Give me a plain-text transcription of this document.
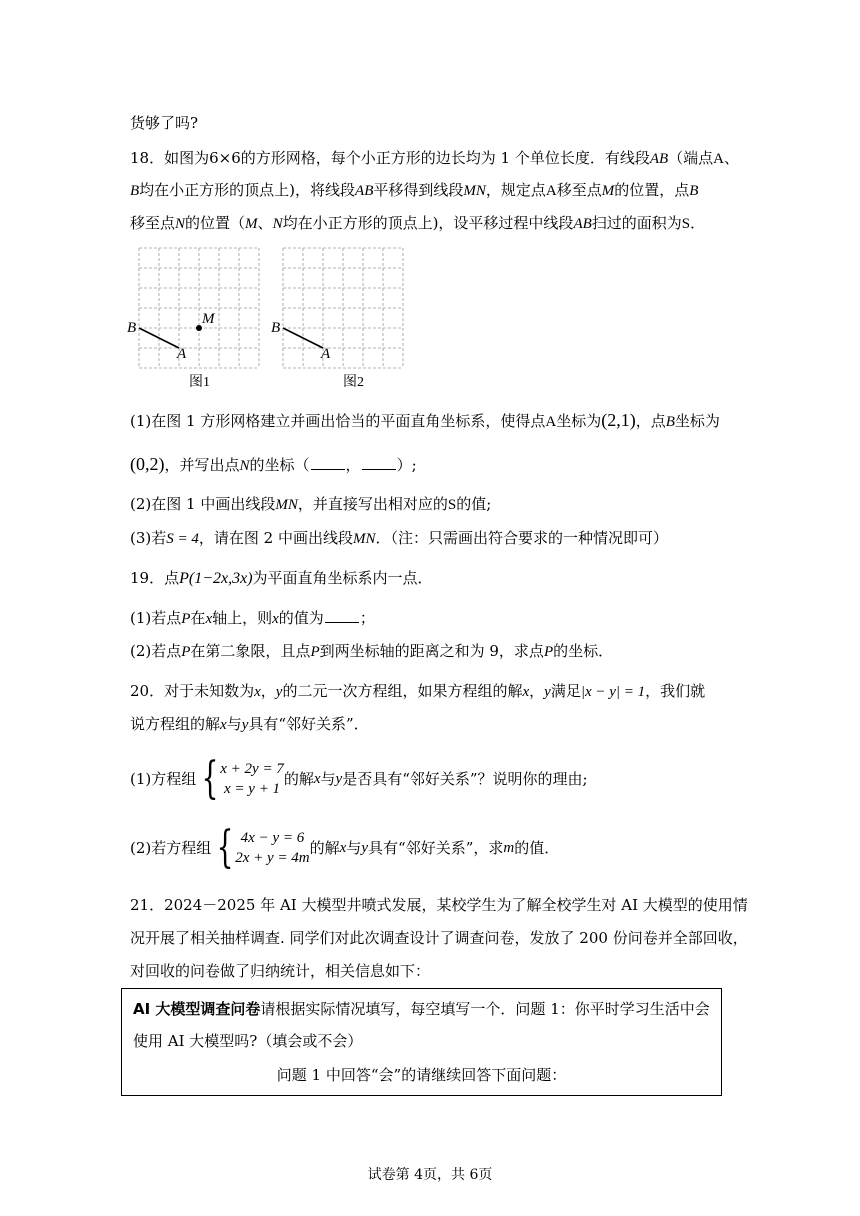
货够了吗?
18．如图为6×6的方形网格，每个小正方形的边长均为 1 个单位长度．有线段AB（端点A、
B均在小正方形的顶点上)，将线段AB平移得到线段MN，规定点A移至点M的位置，点B
移至点N的位置（M、N均在小正方形的顶点上)，设平移过程中线段AB扫过的面积为S．
B
A
M
图1
B
A
图2
(1)在图 1 方形网格建立并画出恰当的平面直角坐标系，使得点A坐标为(2,1)，点B坐标为
(0,2)，并写出点N的坐标（ ， ）;
(2)在图 1 中画出线段MN，并直接写出相对应的S的值;
(3)若S = 4，请在图 2 中画出线段MN．（注：只需画出符合要求的一种情况即可）
19．点P(1−2x,3x)为平面直角坐标系内一点．
(1)若点P在x轴上，则x的值为 ；
(2)若点P在第二象限，且点P到两坐标轴的距离之和为 9，求点P的坐标．
20．对于未知数为x，y的二元一次方程组，如果方程组的解x，y满足|x − y| = 1，我们就
说方程组的解x与y具有“邻好关系”．
(1)方程组 { x + 2y = 7
x = y + 1
的解 x 与 y 是否具有“邻好关系”？说明你的理由;
(2)若方程组 { 4x − y = 6
2x + y = 4m
的解 x 与 y 具有“邻好关系”，求 m 的值．
21．2024－2025 年 AI 大模型井喷式发展，某校学生为了解全校学生对 AI 大模型的使用情
况开展了相关抽样调查. 同学们对此次调查设计了调查问卷，发放了 200 份问卷并全部回收，
对回收的问卷做了归纳统计，相关信息如下：
AI 大模型调查问卷请根据实际情况填写，每空填写一个．问题 1：你平时学习生活中会
使用 AI 大模型吗?（填会或不会）
问题 1 中回答“会”的请继续回答下面问题：
试卷第 4页，共 6页
